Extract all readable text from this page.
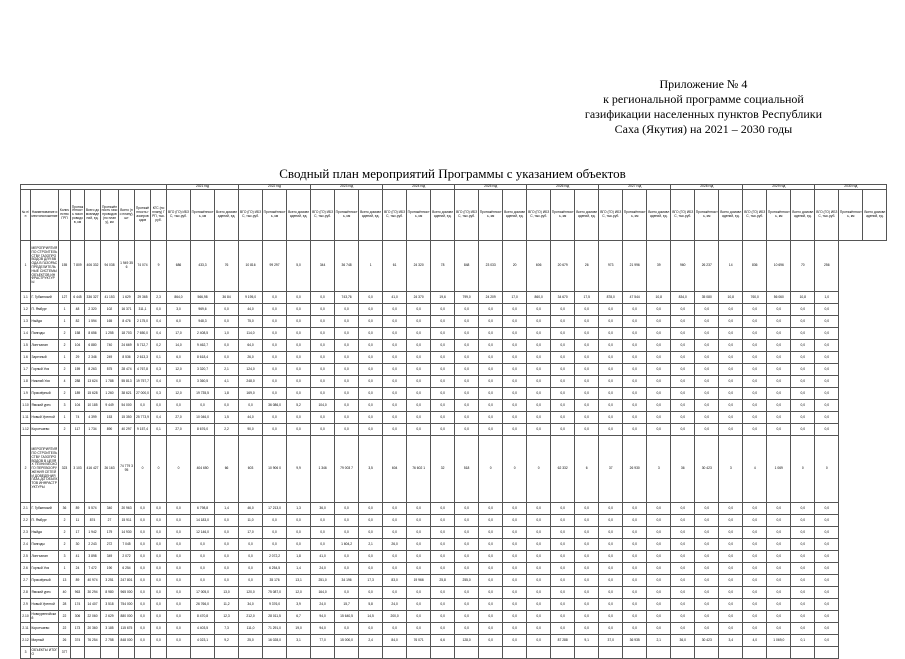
Приложение № 4
к региональной программе социальной
газификации населенных пунктов Республики
Саха (Якутия) на 2021 – 2030 годы
Сводный план мероприятий Программы с указанием объектов
									2021 год			2022 год			2023 год			2024 год			2025 год			2026 год			2027 год			2028 год			2029 год			2030 год		
№ п/п	Наименование и местоположение	Количество ГРП	Протяжённость газопроводов, км	Всего домовладений, ед.	Протяжённость газопроводов (по плану), км	Всего (по плану), шт	Протяжённость газопроводов	КГС (по плану) ГРП, тыс.руб.	ВГО (ГО) ИБЗС, тыс.руб.	Протяжённость, км	Всего домовладений, ед.	ВГО (ГО) ИБЗС, тыс.руб.	Протяжённость, км	Всего домовладений, ед.	ВГО (ГО) ИБЗС, тыс.руб.	Протяжённость, км	Всего домовладений, ед.	ВГО (ГО) ИБЗС, тыс.руб.	Протяжённость, км	Всего домовладений, ед.	ВГО (ГО) ИБЗС, тыс.руб.	Протяжённость, км	Всего домовладений, ед.	ВГО (ГО) ИБЗС, тыс.руб.	Протяжённость, км	Всего домовладений, ед.	ВГО (ГО) ИБЗС, тыс.руб.	Протяжённость, км	Всего домовладений, ед.	ВГО (ГО) ИБЗС, тыс.руб.	Протяжённость, км	Всего домовладений, ед.	ВГО (ГО) ИБЗС, тыс.руб.	Протяжённость, км	Всего домовладений, ед.	ВГО (ГО) ИБЗС, тыс.руб.	Протяжённость, км	Всего домовладений, ед.
1	МЕРОПРИЯТИЯ ПО СТРОИТЕЛЬСТВУ ГАЗОПРОВОДОВ ДЛЯ ВВОДА В ГАЗОРАСПРЕДЕЛИТЕЛЬНЫЕ СИСТЕМЫ ОБЪЕКТОВ ИНФРАСТРУКТУРЫ	155	7 809	406 332	94 038	1 949 356	74 074	9	686	433,3	76	10 816	99 297	5,0	344	36 748	1	61	24 320	78	848	23 033	20	606	20 679	26	973	21 996	39	960	26 237	14	836	10 696	70	256		
1.1	Г. Губкинский	127	6 445	336 327	41 153	1 629	29 365	2,3	864,0	566,98	36 84	9 195,0	0,0	0,0	0,0	743,76	0,0	41,0	24 370	19,6	799,0	24 209	17,0	860,0	34 670	17,5	878,0	47 544	10,8	834,0	35 080	10,8	760,0	56 060	10,8	1,0		
1.2	П. Ямбург	1	48	2 320	102	16 371	311,1	0,0	3,0	969,6	0,0	44,0	0,0	0,0	0,0	0,0	0,0	0,0	0,0	0,0	0,0	0,0	0,0	0,0	0,0	0,0	0,0	0,0	0,0	0,0	0,0	0,0	0,0	0,0	0,0	0,0		
1.3	Ныйда	1	82	1 594	165	8 476	2 175,0	0,4	6,0	948,3	0,0	75,0	0,0	0,0	0,0	0,0	0,0	0,0	0,0	0,0	0,0	0,0	0,0	0,0	0,0	0,0	0,0	0,0	0,0	0,0	0,0	0,0	0,0	0,0	0,0	0,0		
1.4	Пангоды	2	158	8 656	1 255	18 703	7 650,0	0,4	17,0	2 408,5	1,0	114,0	0,0	0,0	0,0	0,0	0,0	0,0	0,0	0,0	0,0	0,0	0,0	0,0	0,0	0,0	0,0	0,0	0,0	0,0	0,0	0,0	0,0	0,0	0,0	0,0		
1.5	Лонгъюган	2	104	6 880	740	24 669	5 712,7	0,2	14,0	9 462,7	0,0	64,0	0,0	0,0	0,0	0,0	0,0	0,0	0,0	0,0	0,0	0,0	0,0	0,0	0,0	0,0	0,0	0,0	0,0	0,0	0,0	0,0	0,0	0,0	0,0	0,0		
1.6	Заречный	1	29	2 346	249	8 536	2 613,3	0,1	6,0	8 618,4	0,0	26,0	0,0	0,0	0,0	0,0	0,0	0,0	0,0	0,0	0,0	0,0	0,0	0,0	0,0	0,0	0,0	0,0	0,0	0,0	0,0	0,0	0,0	0,0	0,0	0,0		
1.7	Горный Уоя	2	159	8 263	575	28 474	4 767,8	0,3	12,0	3 320,7	2,1	124,0	0,0	0,0	0,0	0,0	0,0	0,0	0,0	0,0	0,0	0,0	0,0	0,0	0,0	0,0	0,0	0,0	0,0	0,0	0,0	0,0	0,0	0,0	0,0	0,0		
1.8	Нижний Уоя	4	288	13 624	1 788	55 813	19 757,7	0,4	0,0	3 360,5	4,1	248,0	0,0	0,0	0,0	0,0	0,0	0,0	0,0	0,0	0,0	0,0	0,0	0,0	0,0	0,0	0,0	0,0	0,0	0,0	0,0	0,0	0,0	0,0	0,0	0,0		
1.9	Приозёрный	2	189	15 628	1 260	38 621	27 000,0	0,3	12,0	19 735,5	1,8	169,0	0,0	0,0	0,0	0,0	0,0	0,0	0,0	0,0	0,0	0,0	0,0	0,0	0,0	0,0	0,0	0,0	0,0	0,0	0,0	0,0	0,0	0,0	0,0	0,0		
1.10	Ямский урез	3	104	10 185	9 449	54 000	0,0	0,0	0,0	0,0	0,0	0,0	36 086,0	5,2	104,0	0,0	0,0	0,0	0,0	0,0	0,0	0,0	0,0	0,0	0,0	0,0	0,0	0,0	0,0	0,0	0,0	0,0	0,0	0,0	0,0	0,0		
1.11	Новый Уренгой	1	74	4 399	153	15 350	25 773,9	0,4	27,0	10 046,0	1,5	44,0	0,0	0,0	0,0	0,0	0,0	0,0	0,0	0,0	0,0	0,0	0,0	0,0	0,0	0,0	0,0	0,0	0,0	0,0	0,0	0,0	0,0	0,0	0,0	0,0		
1.12	Коротчаево	2	117	1 734	890	40 297	9 157,4	0,1	27,0	8 676,0	2,2	90,0	0,0	0,0	0,0	0,0	0,0	0,0	0,0	0,0	0,0	0,0	0,0	0,0	0,0	0,0	0,0	0,0	0,0	0,0	0,0	0,0	0,0	0,0	0,0	0,0		
2	МЕРОПРИЯТИЯ ПО СТРОИТЕЛЬСТВУ ГАЗОПРОВОДОВ В ЦЕЛЯХ ТЕХНИЧЕСКОГО ПЕРЕВООРУЖЕНИЯ СЕТЕЙ И ДОВЕДЕНИЯ ГАЗА ДО ОБЪЕКТОВ ИНФРАСТРУКТУРЫ	323	3 103	416 427	26 163	74 779 395	0	0	0	404 650	66	603	10 906 0	9,9	1 346	79 003 7	3,5	604	76 602 1	32	518	0	0	0	62 332	6	37	26 930	3	36	30 423	3	4	1 069	0	0		
2.1	Г. Губкинский	36	89	5 574	340	20 963	0,0	0,0	0,0	6 798,8	1,4	46,0	17 213,0	1,3	36,0	0,0	0,0	0,0	0,0	0,0	0,0	0,0	0,0	0,0	0,0	0,0	0,0	0,0	0,0	0,0	0,0	0,0	0,0	0,0	0,0	0,0		
2.2	П. Ямбург	2	11	874	27	15 911	0,0	0,0	0,0	14 183,0	0,0	11,0	0,0	0,0	0,0	0,0	0,0	0,0	0,0	0,0	0,0	0,0	0,0	0,0	0,0	0,0	0,0	0,0	0,0	0,0	0,0	0,0	0,0	0,0	0,0	0,0		
2.3	Ныйда	2	17	1 942	179	14 930	0,0	0,0	0,0	12 146,0	0,0	17,0	0,0	0,0	0,0	0,0	0,0	0,0	0,0	0,0	0,0	0,0	0,0	0,0	0,0	0,0	0,0	0,0	0,0	0,0	0,0	0,0	0,0	0,0	0,0	0,0		
2.4	Пангоды	2	30	2 243	272	7 045	0,0	0,0	0,0	0,0	0,0	0,0	0,0	0,0	0,0	1 604,2	2,1	26,0	0,0	0,0	0,0	0,0	0,0	0,0	0,0	0,0	0,0	0,0	0,0	0,0	0,0	0,0	0,0	0,0	0,0	0,0		
2.5	Лонгъюган	3	41	3 898	349	2 072	0,0	0,0	0,0	0,0	0,0	0,0	2 072,2	1,8	41,0	0,0	0,0	0,0	0,0	0,0	0,0	0,0	0,0	0,0	0,0	0,0	0,0	0,0	0,0	0,0	0,0	0,0	0,0	0,0	0,0	0,0		
2.6	Горный Уоя	1	24	7 472	190	6 254	0,0	0,0	0,0	0,0	0,0	0,0	6 254,5	1,4	24,0	0,0	0,0	0,0	0,0	0,0	0,0	0,0	0,0	0,0	0,0	0,0	0,0	0,0	0,0	0,0	0,0	0,0	0,0	0,0	0,0	0,0		
2.7	Приозёрный	13	89	40 974	3 251	247 801	0,0	0,0	0,0	0,0	0,0	0,0	35 176	13,1	251,0	34 196	17,3	83,0	19 966	25,8	255,0	0,0	0,0	0,0	0,0	0,0	0,0	0,0	0,0	0,0	0,0	0,0	0,0	0,0	0,0	0,0		
2.8	Ямский урез	40	963	30 294	8 980	965 000	0,0	0,0	0,0	17 005,0	13,0	120,0	75 087,0	12,0	164,0	0,0	0,0	0,0	0,0	0,0	0,0	0,0	0,0	0,0	0,0	0,0	0,0	0,0	0,0	0,0	0,0	0,0	0,0	0,0	0,0	0,0		
2.9	Новый Уренгой	28	174	14 407	3 518	754 000	0,0	0,0	0,0	26 766,0	11,2	34,0	9 376,0	3,9	24,0	15,7	5,8	24,0	0,0	0,0	0,0	0,0	0,0	0,0	0,0	0,0	0,0	0,0	0,0	0,0	0,0	0,0	0,0	0,0	0,0	0,0		
2.10	Новоуренгойский	22	306	22 060	2 629	880 000	0,0	0,0	0,0	8 470,8	12,3	212,0	28 011,5	6,7	94,0	15 640,5	14,5	200,0	0,0	0,0	0,0	0,0	0,0	0,0	0,0	0,0	0,0	0,0	0,0	0,0	0,0	0,0	0,0	0,0	0,0	0,0		
2.11	Коротчаево	22	173	20 360	3 185	115 675	0,0	0,0	0,0	4 403,5	7,3	111,0	71 291,0	19,0	94,0	0,0	0,0	0,0	0,0	0,0	0,0	0,0	0,0	0,0	0,0	0,0	0,0	0,0	0,0	0,0	0,0	0,0	0,0	0,0	0,0	0,0		
2.12	Мирный	26	374	76 254	2 758	848 000	0,0	0,0	0,0	4 023,1	9,2	25,0	16 028,0	3,1	77,0	15 000,0	2,4	84,0	76 071	6,6	128,0	0,0	0,0	0,0	87 288	9,1	37,0	36 935	2,1	36,0	30 423	3,4	4,0	1 069,0	0,1	0,0		
3	ОБЪЕКТЫ ИТОГО	377																																				
